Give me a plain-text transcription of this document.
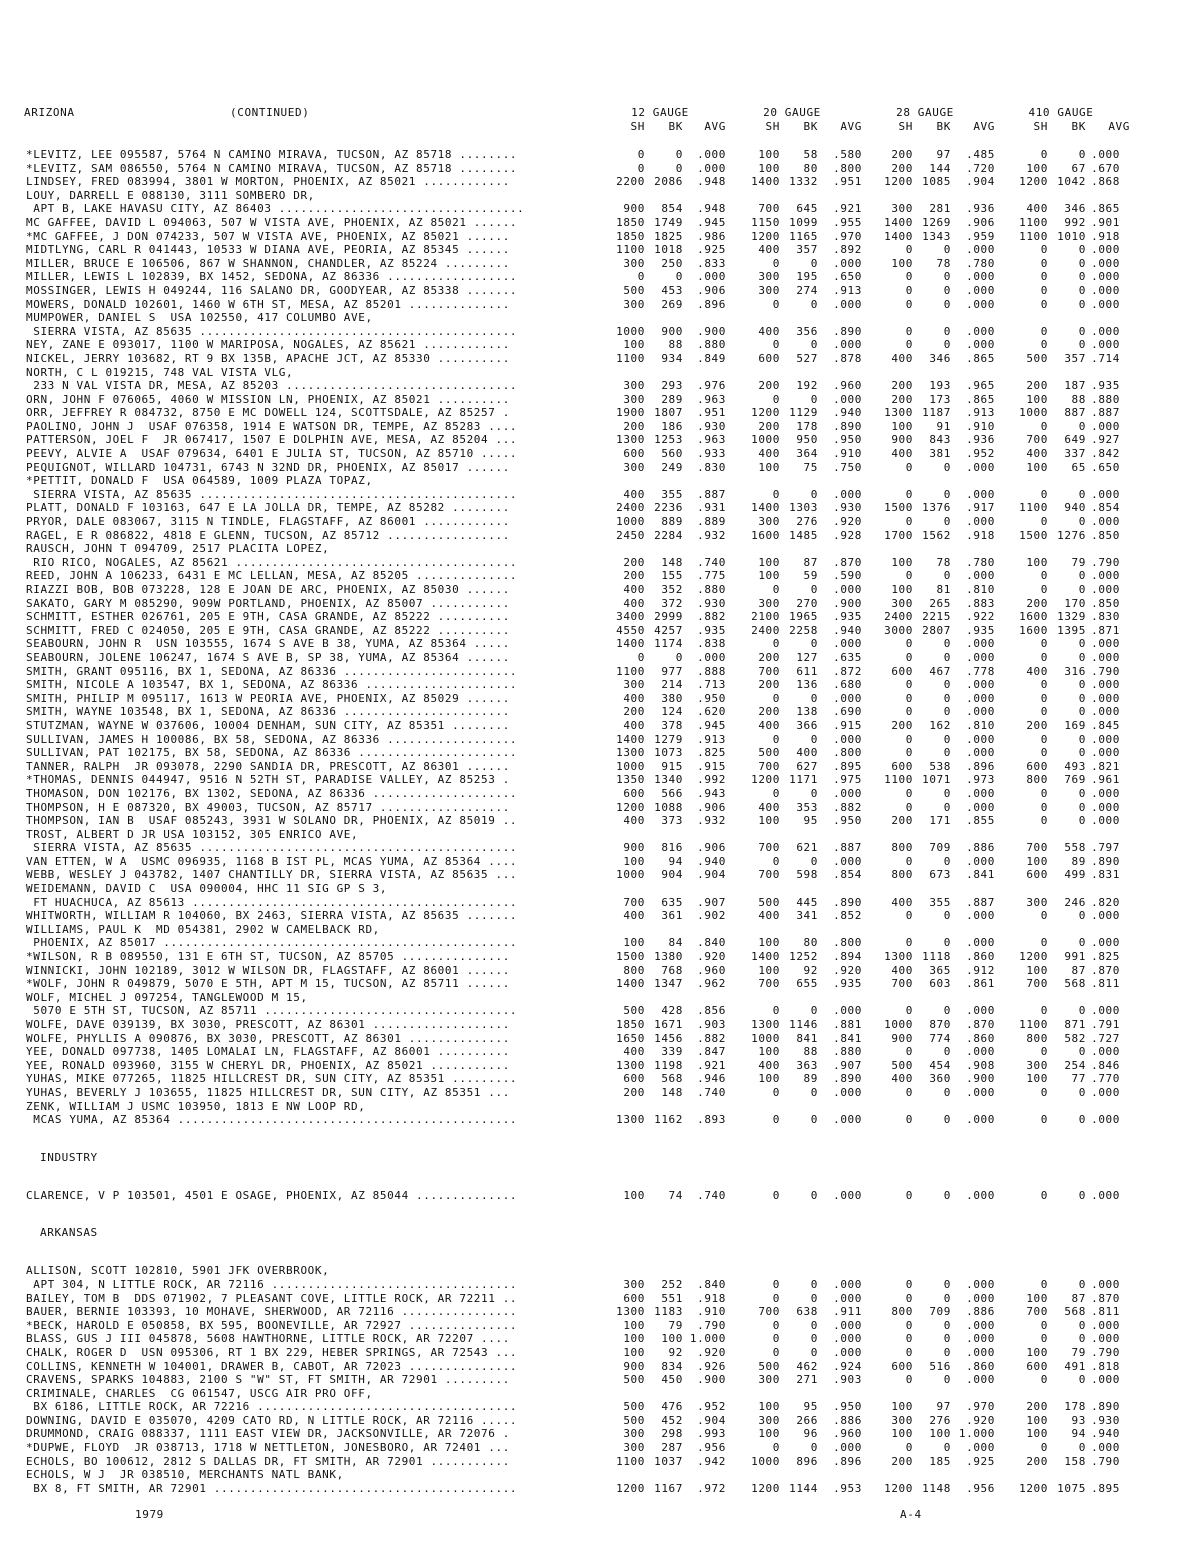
ARIZONA	(CONTINUED)	12 GAUGE	20 GAUGE	28 GAUGE	410 GAUGE
SH	BK	AVG	SH	BK	AVG	SH	BK	AVG	SH	BK	AVG
*LEVITZ, LEE 095587, 5764 N CAMINO MIRAVA, TUCSON, AZ 85718 ........	0	0	.000	100	58	.580	200	97	.485	0	0 .000
*LEVITZ, SAM 086550, 5764 N CAMINO MIRAVA, TUCSON, AZ 85718 ........	0	0	.000	100	80	.800	200	144	.720	100	67 .670
LINDSEY, FRED 083994, 3801 W MORTON, PHOENIX, AZ 85021 ............	2200 2086	.948	1400 1332	.951	1200 1085	.904	1200 1042 .868
LOUY, DARRELL E 088130, 3111 SOMBERO DR,
APT B, LAKE HAVASU CITY, AZ 86403 ..................................	900	854	.948	700	645	.921	300	281	.936	400	346 .865
MC GAFFEE, DAVID L 094063, 507 W VISTA AVE, PHOENIX, AZ 85021 ......	1850 1749	.945	1150 1099	.955	1400 1269	.906	1100	992 .901
*MC GAFFEE, J DON 074233, 507 W VISTA AVE, PHOENIX, AZ 85021 ......	1850 1825	.986	1200 1165	.970	1400 1343	.959	1100 1010 .918
MIDTLYNG, CARL R 041443, 10533 W DIANA AVE, PEORIA, AZ 85345 ......	1100 1018	.925	400	357	.892	0	0	.000	0	0 .000
MILLER, BRUCE E 106506, 867 W SHANNON, CHANDLER, AZ 85224 .........	300	250	.833	0	0	.000	100	78	.780	0	0 .000
MILLER, LEWIS L 102839, BX 1452, SEDONA, AZ 86336 ..................	0	0	.000	300	195	.650	0	0	.000	0	0 .000
MOSSINGER, LEWIS H 049244, 116 SALANO DR, GOODYEAR, AZ 85338 .......	500	453	.906	300	274	.913	0	0	.000	0	0 .000
MOWERS, DONALD 102601, 1460 W 6TH ST, MESA, AZ 85201 ..............	300	269	.896	0	0	.000	0	0	.000	0	0 .000
MUMPOWER, DANIEL S  USA 102550, 417 COLUMBO AVE,
SIERRA VISTA, AZ 85635 ............................................	1000	900	.900	400	356	.890	0	0	.000	0	0 .000
NEY, ZANE E 093017, 1100 W MARIPOSA, NOGALES, AZ 85621 ............	100	88	.880	0	0	.000	0	0	.000	0	0 .000
NICKEL, JERRY 103682, RT 9 BX 135B, APACHE JCT, AZ 85330 ..........	1100	934	.849	600	527	.878	400	346	.865	500	357 .714
NORTH, C L 019215, 748 VAL VISTA VLG,
233 N VAL VISTA DR, MESA, AZ 85203 ................................	300	293	.976	200	192	.960	200	193	.965	200	187 .935
ORN, JOHN F 076065, 4060 W MISSION LN, PHOENIX, AZ 85021 ..........	300	289	.963	0	0	.000	200	173	.865	100	88 .880
ORR, JEFFREY R 084732, 8750 E MC DOWELL 124, SCOTTSDALE, AZ 85257 .	1900 1807	.951	1200 1129	.940	1300 1187	.913	1000	887 .887
PAOLINO, JOHN J  USAF 076358, 1914 E WATSON DR, TEMPE, AZ 85283 ....	200	186	.930	200	178	.890	100	91	.910	0	0 .000
PATTERSON, JOEL F  JR 067417, 1507 E DOLPHIN AVE, MESA, AZ 85204 ...	1300 1253	.963	1000	950	.950	900	843	.936	700	649 .927
PEEVY, ALVIE A  USAF 079634, 6401 E JULIA ST, TUCSON, AZ 85710 .....	600	560	.933	400	364	.910	400	381	.952	400	337 .842
PEQUIGNOT, WILLARD 104731, 6743 N 32ND DR, PHOENIX, AZ 85017 ......	300	249	.830	100	75	.750	0	0	.000	100	65 .650
*PETTIT, DONALD F  USA 064589, 1009 PLAZA TOPAZ,
SIERRA VISTA, AZ 85635 ............................................	400	355	.887	0	0	.000	0	0	.000	0	0 .000
PLATT, DONALD F 103163, 647 E LA JOLLA DR, TEMPE, AZ 85282 ........	2400 2236	.931	1400 1303	.930	1500 1376	.917	1100	940 .854
PRYOR, DALE 083067, 3115 N TINDLE, FLAGSTAFF, AZ 86001 ............	1000	889	.889	300	276	.920	0	0	.000	0	0 .000
RAGEL, E R 086822, 4818 E GLENN, TUCSON, AZ 85712 .................	2450 2284	.932	1600 1485	.928	1700 1562	.918	1500 1276 .850
RAUSCH, JOHN T 094709, 2517 PLACITA LOPEZ,
RIO RICO, NOGALES, AZ 85621 .......................................	200	148	.740	100	87	.870	100	78	.780	100	79 .790
REED, JOHN A 106233, 6431 E MC LELLAN, MESA, AZ 85205 ..............	200	155	.775	100	59	.590	0	0	.000	0	0 .000
RIAZZI BOB, BOB 073228, 128 E JOAN DE ARC, PHOENIX, AZ 85030 ......	400	352	.880	0	0	.000	100	81	.810	0	0 .000
SAKATO, GARY M 085290, 909W PORTLAND, PHOENIX, AZ 85007 ...........	400	372	.930	300	270	.900	300	265	.883	200	170 .850
SCHMITT, ESTHER 026761, 205 E 9TH, CASA GRANDE, AZ 85222 ..........	3400 2999	.882	2100 1965	.935	2400 2215	.922	1600 1329 .830
SCHMITT, FRED C 024050, 205 E 9TH, CASA GRANDE, AZ 85222 ..........	4550 4257	.935	2400 2258	.940	3000 2807	.935	1600 1395 .871
SEABOURN, JOHN R  USN 103555, 1674 S AVE B 38, YUMA, AZ 85364 .....	1400 1174	.838	0	0	.000	0	0	.000	0	0 .000
SEABOURN, JOLENE 106247, 1674 S AVE B, SP 38, YUMA, AZ 85364 ......	0	0	.000	200	127	.635	0	0	.000	0	0 .000
SMITH, GRANT 095116, BX 1, SEDONA, AZ 86336 ........................	1100	977	.888	700	611	.872	600	467	.778	400	316 .790
SMITH, NICOLE A 103547, BX 1, SEDONA, AZ 86336 .....................	300	214	.713	200	136	.680	0	0	.000	0	0 .000
SMITH, PHILIP M 095117, 1613 W PEORIA AVE, PHOENIX, AZ 85029 ......	400	380	.950	0	0	.000	0	0	.000	0	0 .000
SMITH, WAYNE 103548, BX 1, SEDONA, AZ 86336 .......................	200	124	.620	200	138	.690	0	0	.000	0	0 .000
STUTZMAN, WAYNE W 037606, 10004 DENHAM, SUN CITY, AZ 85351 ........	400	378	.945	400	366	.915	200	162	.810	200	169 .845
SULLIVAN, JAMES H 100086, BX 58, SEDONA, AZ 86336 ..................	1400 1279	.913	0	0	.000	0	0	.000	0	0 .000
SULLIVAN, PAT 102175, BX 58, SEDONA, AZ 86336 ......................	1300 1073	.825	500	400	.800	0	0	.000	0	0 .000
TANNER, RALPH  JR 093078, 2290 SANDIA DR, PRESCOTT, AZ 86301 ......	1000	915	.915	700	627	.895	600	538	.896	600	493 .821
*THOMAS, DENNIS 044947, 9516 N 52TH ST, PARADISE VALLEY, AZ 85253 .	1350 1340	.992	1200 1171	.975	1100 1071	.973	800	769 .961
THOMASON, DON 102176, BX 1302, SEDONA, AZ 86336 ....................	600	566	.943	0	0	.000	0	0	.000	0	0 .000
THOMPSON, H E 087320, BX 49003, TUCSON, AZ 85717 ..................	1200 1088	.906	400	353	.882	0	0	.000	0	0 .000
THOMPSON, IAN B  USAF 085243, 3931 W SOLANO DR, PHOENIX, AZ 85019 ..	400	373	.932	100	95	.950	200	171	.855	0	0 .000
TROST, ALBERT D JR USA 103152, 305 ENRICO AVE,
SIERRA VISTA, AZ 85635 ............................................	900	816	.906	700	621	.887	800	709	.886	700	558 .797
VAN ETTEN, W A  USMC 096935, 1168 B IST PL, MCAS YUMA, AZ 85364 ....	100	94	.940	0	0	.000	0	0	.000	100	89 .890
WEBB, WESLEY J 043782, 1407 CHANTILLY DR, SIERRA VISTA, AZ 85635 ...	1000	904	.904	700	598	.854	800	673	.841	600	499 .831
WEIDEMANN, DAVID C  USA 090004, HHC 11 SIG GP S 3,
FT HUACHUCA, AZ 85613 .............................................	700	635	.907	500	445	.890	400	355	.887	300	246 .820
WHITWORTH, WILLIAM R 104060, BX 2463, SIERRA VISTA, AZ 85635 .......	400	361	.902	400	341	.852	0	0	.000	0	0 .000
WILLIAMS, PAUL K  MD 054381, 2902 W CAMELBACK RD,
PHOENIX, AZ 85017 .................................................	100	84	.840	100	80	.800	0	0	.000	0	0 .000
*WILSON, R B 089550, 131 E 6TH ST, TUCSON, AZ 85705 ...............	1500 1380	.920	1400 1252	.894	1300 1118	.860	1200	991 .825
WINNICKI, JOHN 102189, 3012 W WILSON DR, FLAGSTAFF, AZ 86001 ......	800	768	.960	100	92	.920	400	365	.912	100	87 .870
*WOLF, JOHN R 049879, 5070 E 5TH, APT M 15, TUCSON, AZ 85711 ......	1400 1347	.962	700	655	.935	700	603	.861	700	568 .811
WOLF, MICHEL J 097254, TANGLEWOOD M 15,
5070 E 5TH ST, TUCSON, AZ 85711 ...................................	500	428	.856	0	0	.000	0	0	.000	0	0 .000
WOLFE, DAVE 039139, BX 3030, PRESCOTT, AZ 86301 ...................	1850 1671	.903	1300 1146	.881	1000	870	.870	1100	871 .791
WOLFE, PHYLLIS A 090876, BX 3030, PRESCOTT, AZ 86301 ..............	1650 1456	.882	1000	841	.841	900	774	.860	800	582 .727
YEE, DONALD 097738, 1405 LOMALAI LN, FLAGSTAFF, AZ 86001 ..........	400	339	.847	100	88	.880	0	0	.000	0	0 .000
YEE, RONALD 093960, 3155 W CHERYL DR, PHOENIX, AZ 85021 ...........	1300 1198	.921	400	363	.907	500	454	.908	300	254 .846
YUHAS, MIKE 077265, 11825 HILLCREST DR, SUN CITY, AZ 85351 .........	600	568	.946	100	89	.890	400	360	.900	100	77 .770
YUHAS, BEVERLY J 103655, 11825 HILLCREST DR, SUN CITY, AZ 85351 ...	200	148	.740	0	0	.000	0	0	.000	0	0 .000
ZENK, WILLIAM J USMC 103950, 1813 E NW LOOP RD,
MCAS YUMA, AZ 85364 ...............................................	1300 1162	.893	0	0	.000	0	0	.000	0	0 .000
INDUSTRY
CLARENCE, V P 103501, 4501 E OSAGE, PHOENIX, AZ 85044 ..............	100	74	.740	0	0	.000	0	0	.000	0	0 .000
ARKANSAS
ALLISON, SCOTT 102810, 5901 JFK OVERBROOK,
APT 304, N LITTLE ROCK, AR 72116 ..................................	300	252	.840	0	0	.000	0	0	.000	0	0 .000
BAILEY, TOM B  DDS 071902, 7 PLEASANT COVE, LITTLE ROCK, AR 72211 ..	600	551	.918	0	0	.000	0	0	.000	100	87 .870
BAUER, BERNIE 103393, 10 MOHAVE, SHERWOOD, AR 72116 ................	1300 1183	.910	700	638	.911	800	709	.886	700	568 .811
*BECK, HAROLD E 050858, BX 595, BOONEVILLE, AR 72927 ...............	100	79	.790	0	0	.000	0	0	.000	0	0 .000
BLASS, GUS J III 045878, 5608 HAWTHORNE, LITTLE ROCK, AR 72207 ....	100	100 1.000	0	0	.000	0	0	.000	0	0 .000
CHALK, ROGER D  USN 095306, RT 1 BX 229, HEBER SPRINGS, AR 72543 ...	100	92	.920	0	0	.000	0	0	.000	100	79 .790
COLLINS, KENNETH W 104001, DRAWER B, CABOT, AR 72023 ...............	900	834	.926	500	462	.924	600	516	.860	600	491 .818
CRAVENS, SPARKS 104883, 2100 S "W" ST, FT SMITH, AR 72901 .........	500	450	.900	300	271	.903	0	0	.000	0	0 .000
CRIMINALE, CHARLES  CG 061547, USCG AIR PRO OFF,
BX 6186, LITTLE ROCK, AR 72216 ....................................	500	476	.952	100	95	.950	100	97	.970	200	178 .890
DOWNING, DAVID E 035070, 4209 CATO RD, N LITTLE ROCK, AR 72116 .....	500	452	.904	300	266	.886	300	276	.920	100	93 .930
DRUMMOND, CRAIG 088337, 1111 EAST VIEW DR, JACKSONVILLE, AR 72076 .	300	298	.993	100	96	.960	100	100 1.000	100	94 .940
*DUPWE, FLOYD  JR 038713, 1718 W NETTLETON, JONESBORO, AR 72401 ...	300	287	.956	0	0	.000	0	0	.000	0	0 .000
ECHOLS, BO 100612, 2812 S DALLAS DR, FT SMITH, AR 72901 ...........	1100 1037	.942	1000	896	.896	200	185	.925	200	158 .790
ECHOLS, W J  JR 038510, MERCHANTS NATL BANK,
BX 8, FT SMITH, AR 72901 ..........................................	1200 1167	.972	1200 1144	.953	1200 1148	.956	1200 1075 .895
1979	A-4
